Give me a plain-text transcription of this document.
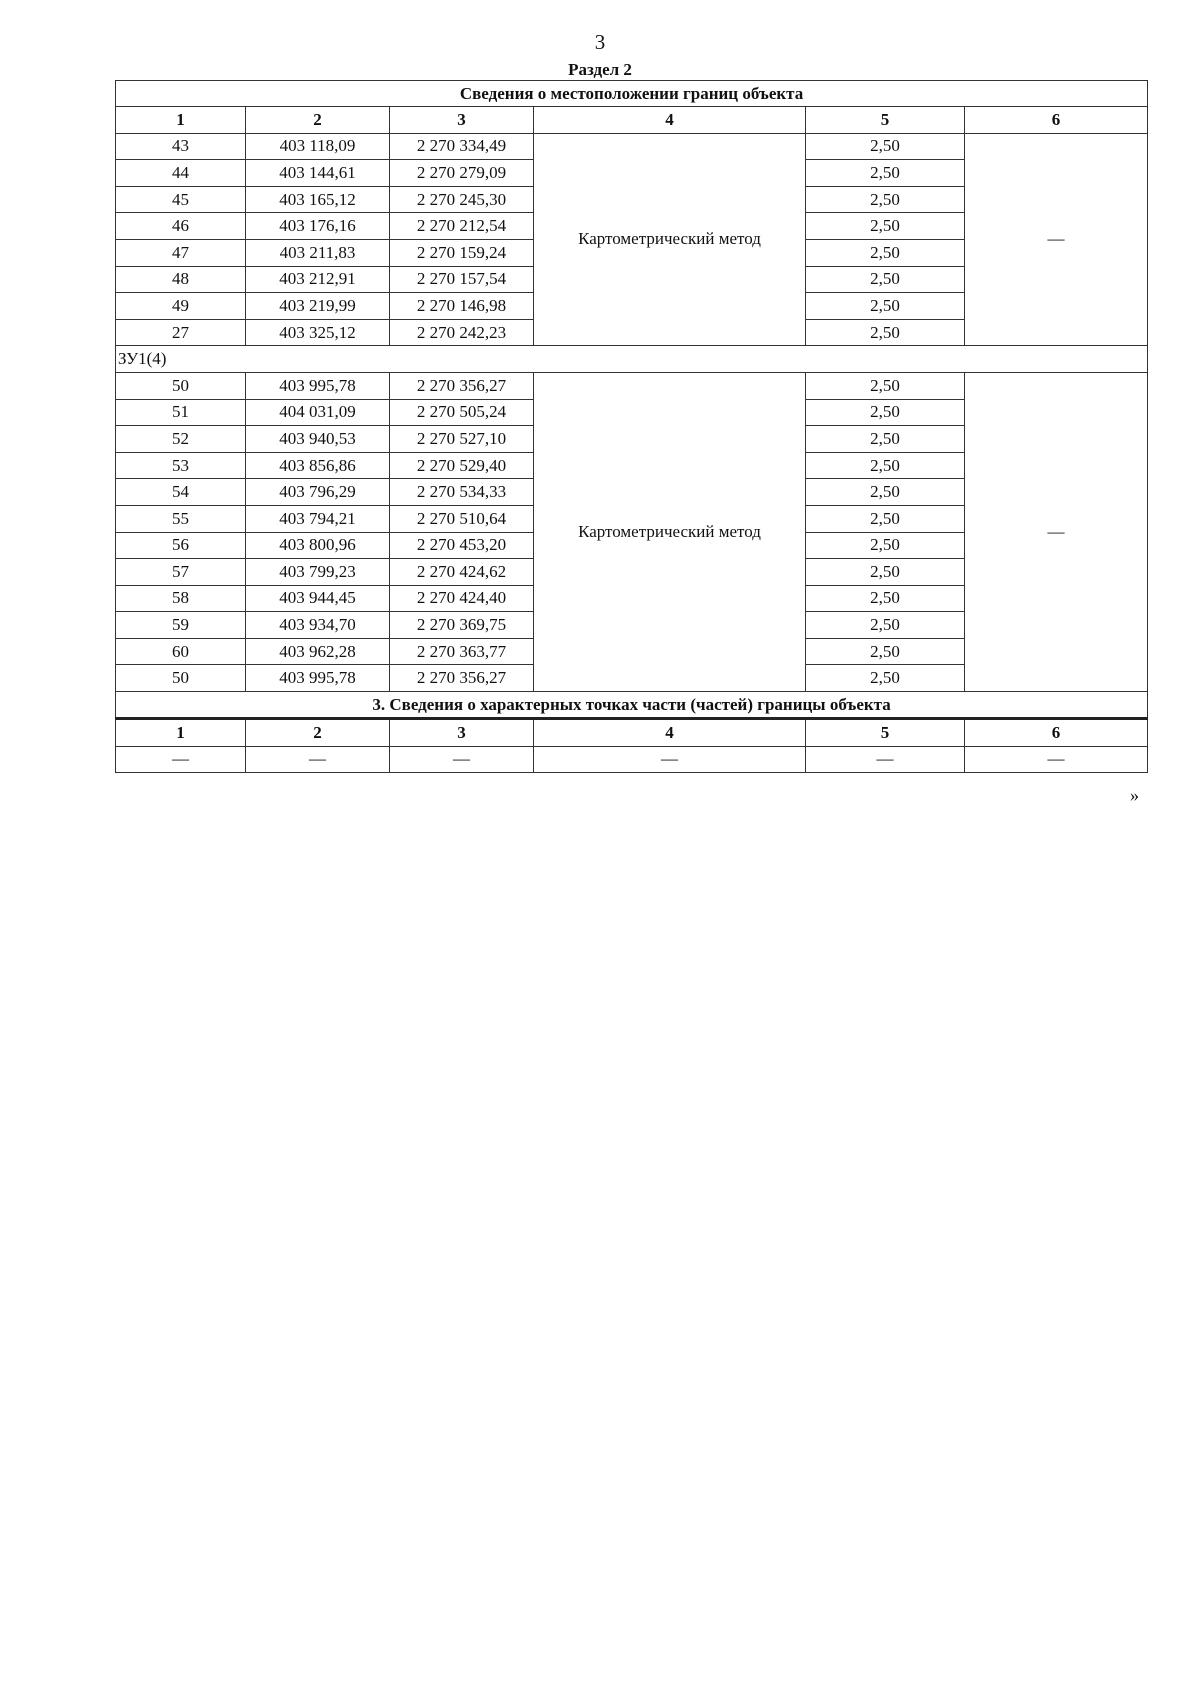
3
Раздел 2
Сведения о местоположении границ объекта					
1	2	3	4	5	6
43	403 118,09	2 270 334,49	Картометрический метод	2,50	—
44	403 144,61	2 270 279,09		2,50	
45	403 165,12	2 270 245,30		2,50	
46	403 176,16	2 270 212,54		2,50	
47	403 211,83	2 270 159,24		2,50	
48	403 212,91	2 270 157,54		2,50	
49	403 219,99	2 270 146,98		2,50	
27	403 325,12	2 270 242,23		2,50	
ЗУ1(4)					
50	403 995,78	2 270 356,27	Картометрический метод	2,50	—
51	404 031,09	2 270 505,24		2,50	
52	403 940,53	2 270 527,10		2,50	
53	403 856,86	2 270 529,40		2,50	
54	403 796,29	2 270 534,33		2,50	
55	403 794,21	2 270 510,64		2,50	
56	403 800,96	2 270 453,20		2,50	
57	403 799,23	2 270 424,62		2,50	
58	403 944,45	2 270 424,40		2,50	
59	403 934,70	2 270 369,75		2,50	
60	403 962,28	2 270 363,77		2,50	
50	403 995,78	2 270 356,27		2,50	
3. Сведения о характерных точках части (частей) границы объекта					
1	2	3	4	5	6
—	—	—	—	—	—
»
